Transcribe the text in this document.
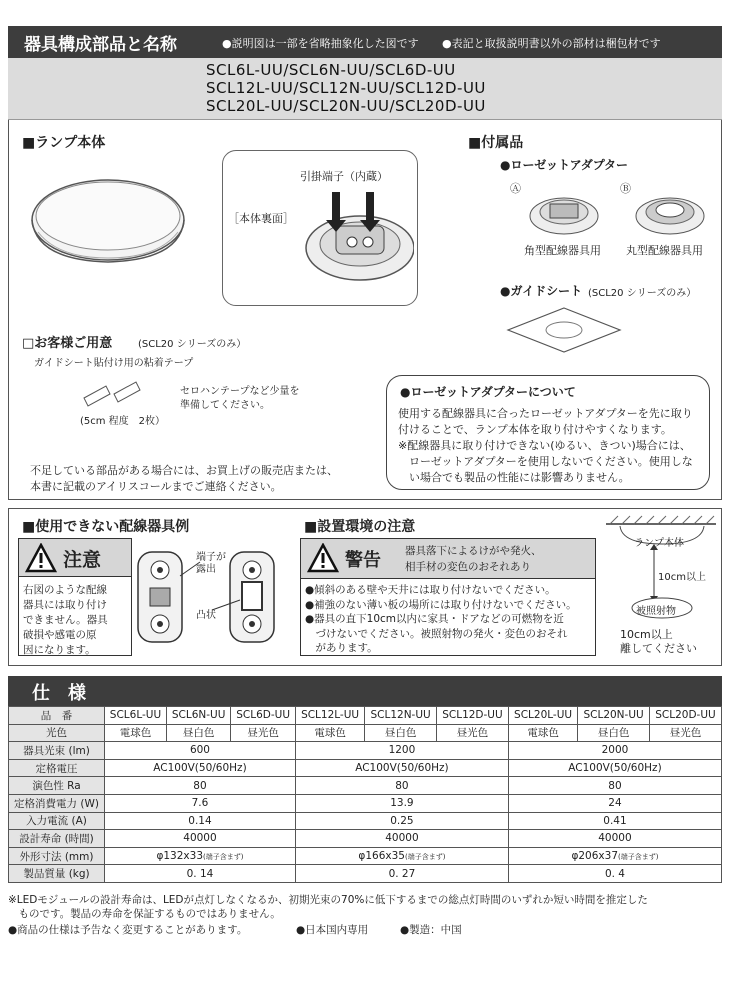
器具構成部品と名称	●説明図は一部を省略抽象化した図です ●表記と取扱説明書以外の部材は梱包材です
SCL6L-UU/SCL6N-UU/SCL6D-UU
SCL12L-UU/SCL12N-UU/SCL12D-UU
SCL20L-UU/SCL20N-UU/SCL20D-UU
■ランプ本体
引掛端子（内蔵）
［本体裏面］
■付属品
●ローゼットアダプター
Ⓐ	Ⓑ
角型配線器具用 丸型配線器具用
●ガイドシート (SCL20 シリーズのみ）
□お客様ご用意	(SCL20 シリーズのみ）
ガイドシート貼付け用の粘着テープ
(5cm 程度　2枚）
セロハンテープなど少量を
準備してください。
不足している部品がある場合には、お買上げの販売店または、
本書に記載のアイリスコールまでご連絡ください。
●ローゼットアダプターについて
使用する配線器具に合ったローゼットアダプターを先に取り
付けることで、ランプ本体を取り付けやすくなります。
※配線器具に取り付けできない(ゆるい、きつい)場合には、
　ローゼットアダプターを使用しないでください。使用しな
　い場合でも製品の性能には影響ありません。
■使用できない配線器具例
注意
右図のような配線
器具には取り付け
できません。器具
破損や感電の原
因になります。
端子が
露出
凸状
■設置環境の注意
警告 器具落下によるけがや発火、
相手材の変色のおそれあり
●傾斜のある壁や天井には取り付けないでください。
●補強のない薄い板の場所には取り付けないでください。
●器具の直下10cm以内に家具・ドアなどの可燃物を近
　づけないでください。被照射物の発火・変色のおそれ
　があります。
ランプ本体
10cm以上
被照射物
10cm以上
離してください
仕　様
品　番	SCL6L-UU	SCL6N-UU	SCL6D-UU	SCL12L-UU	SCL12N-UU	SCL12D-UU	SCL20L-UU	SCL20N-UU	SCL20D-UU
光色	電球色	昼白色	昼光色	電球色	昼白色	昼光色	電球色	昼白色	昼光色
器具光束 (lm)	600			1200			2000		
定格電圧	AC100V(50/60Hz)			AC100V(50/60Hz)			AC100V(50/60Hz)		
演色性 Ra	80			80			80		
定格消費電力 (W)	7.6			13.9			24		
入力電流 (A)	0.14			0.25			0.41		
設計寿命 (時間)	40000			40000			40000		
外形寸法 (mm)	φ132x33(端子含まず)			φ166x35(端子含まず)			φ206x37(端子含まず)		
製品質量 (kg)	0. 14			0. 27			0. 4		
※LEDモジュールの設計寿命は、LEDが点灯しなくなるか、初期光束の70%に低下するまでの総点灯時間のいずれか短い時間を推定した
　ものです。製品の寿命を保証するものではありません。
●商品の仕様は予告なく変更することがあります。	●日本国内専用	●製造：中国
